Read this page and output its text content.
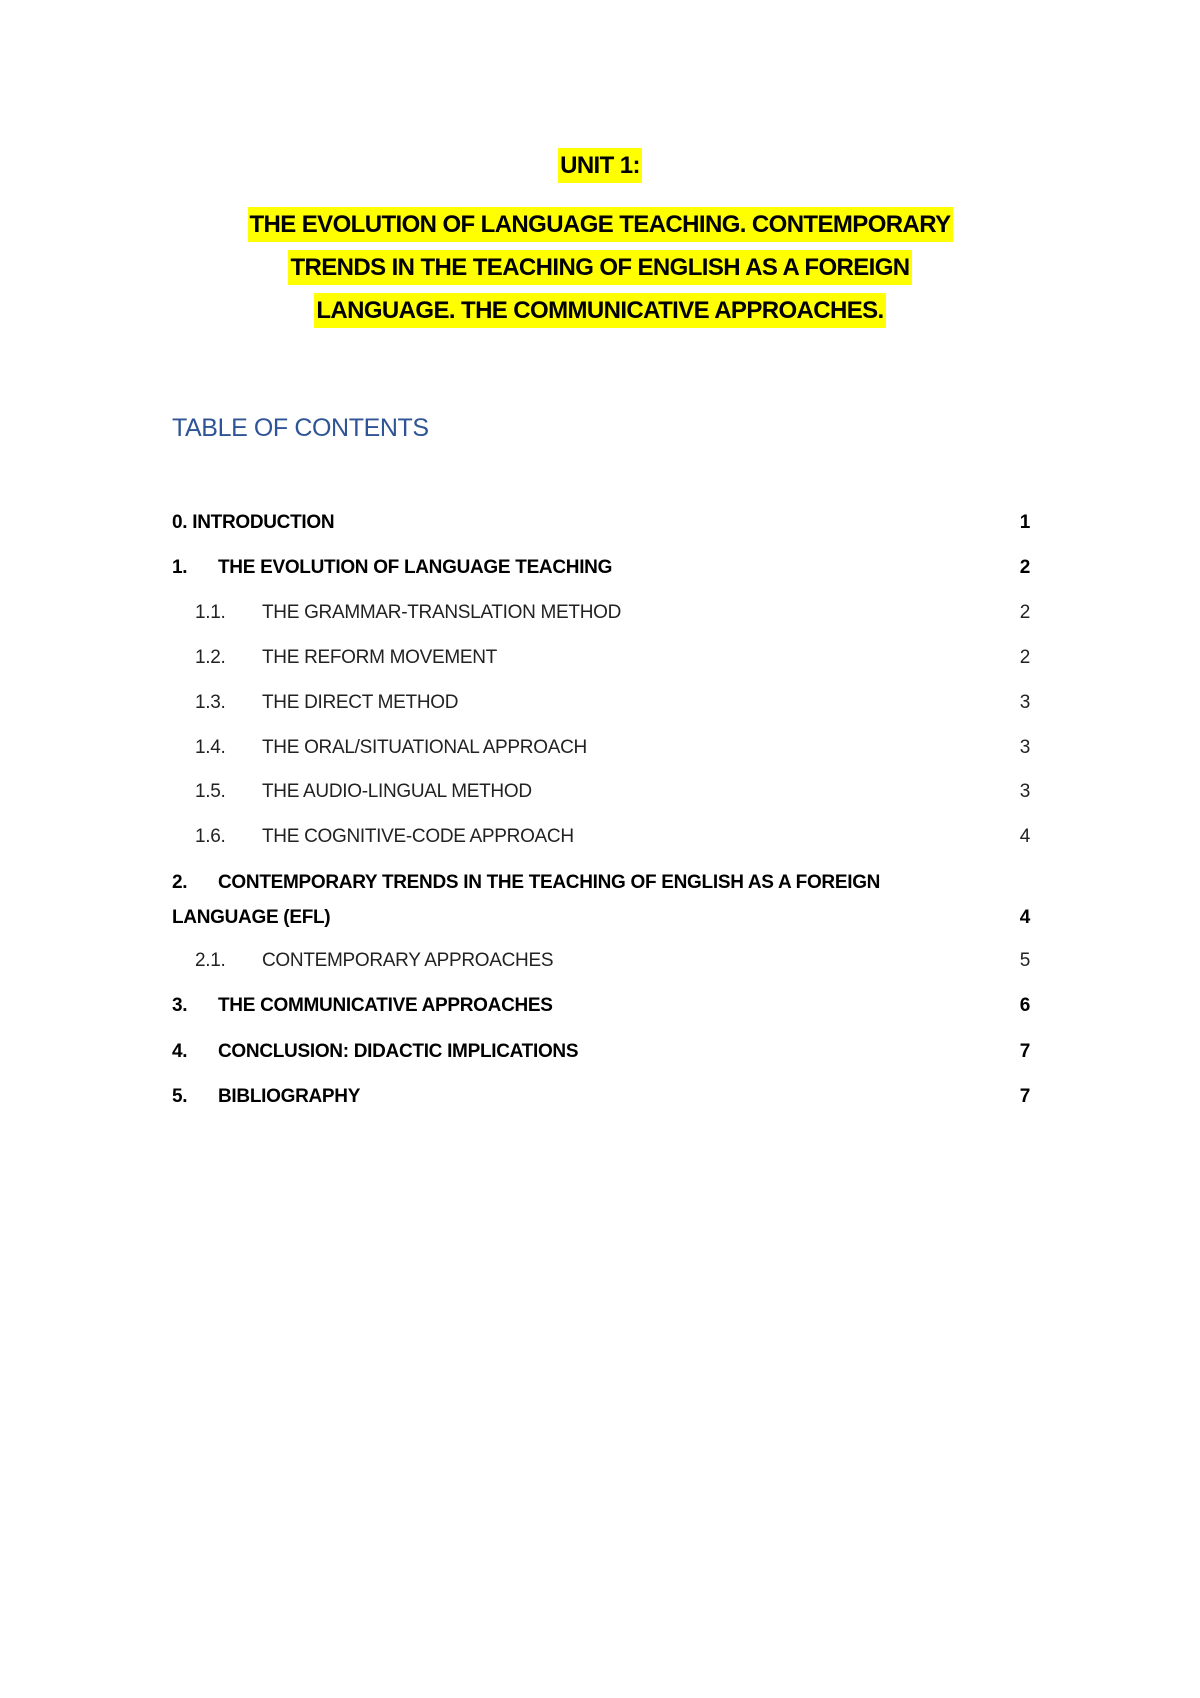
UNIT 1:
THE EVOLUTION OF LANGUAGE TEACHING. CONTEMPORARY
TRENDS IN THE TEACHING OF ENGLISH AS A FOREIGN
LANGUAGE. THE COMMUNICATIVE APPROACHES.
TABLE OF CONTENTS
0. INTRODUCTION	1
1. THE EVOLUTION OF LANGUAGE TEACHING	2
1.1. THE GRAMMAR-TRANSLATION METHOD	2
1.2. THE REFORM MOVEMENT	2
1.3. THE DIRECT METHOD	3
1.4. THE ORAL/SITUATIONAL APPROACH	3
1.5. THE AUDIO-LINGUAL METHOD	3
1.6. THE COGNITIVE-CODE APPROACH	4
2. CONTEMPORARY TRENDS IN THE TEACHING OF ENGLISH AS A FOREIGN
LANGUAGE (EFL)	4
2.1. CONTEMPORARY APPROACHES	5
3. THE COMMUNICATIVE APPROACHES	6
4. CONCLUSION: DIDACTIC IMPLICATIONS	7
5. BIBLIOGRAPHY	7
